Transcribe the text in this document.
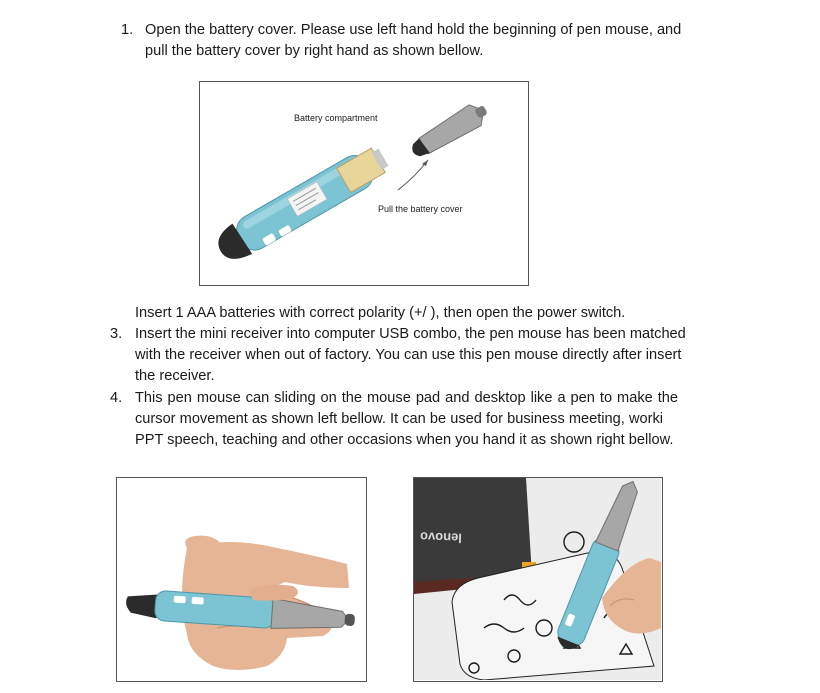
1. Open the battery cover. Please use left hand hold the beginning of pen mouse, and
pull the battery cover by right hand as shown bellow.
Battery compartment
Pull the battery cover
Insert 1 AAA batteries with correct polarity (+/ ), then open the power switch.
3. Insert the mini receiver into computer USB combo, the pen mouse has been matched
with the receiver when out of factory. You can use this pen mouse directly after insert
the receiver.
4. This pen mouse can sliding on the mouse pad and desktop like a pen to make the
cursor movement as shown left bellow. It can be used for business meeting, worki
PPT speech, teaching and other occasions when you hand it as shown right bellow.
lenovo
